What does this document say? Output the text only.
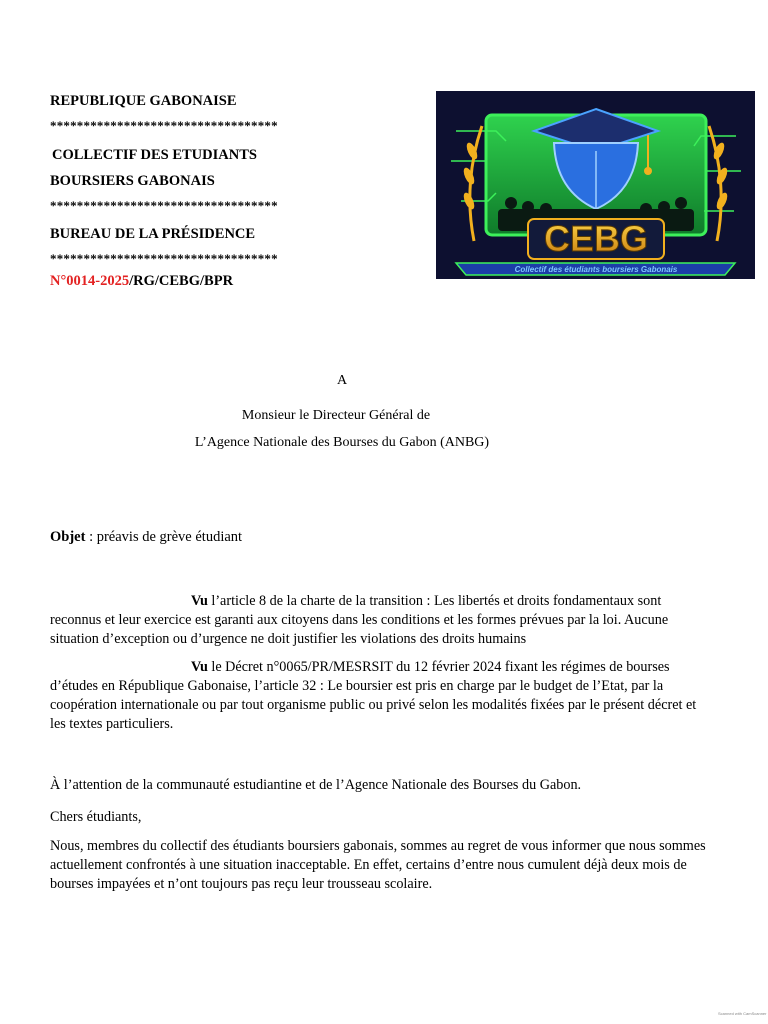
REPUBLIQUE GABONAISE

**********************************

COLLECTIF DES ETUDIANTS

BOURSIERS GABONAIS

**********************************

BUREAU DE LA PRÉSIDENCE

**********************************

N°0014-2025/RG/CEBG/BPR

CEBG
Collectif des étudiants boursiers Gabonais
A
Monsieur le Directeur Général de
L’Agence Nationale des Bourses du Gabon (ANBG)
Objet : préavis de grève étudiant
Vu l’article 8 de la charte de la transition : Les libertés et droits fondamentaux sont reconnus et leur exercice est garanti aux citoyens dans les conditions et les formes prévues par la loi. Aucune situation d’exception ou d’urgence ne doit justifier les violations des droits humains
Vu le Décret n°0065/PR/MESRSIT du 12 février 2024 fixant les régimes de bourses d’études en République Gabonaise, l’article 32 : Le boursier est pris en charge par le budget de l’Etat, par la coopération internationale ou par tout organisme public ou privé selon les modalités fixées par le présent décret et les textes particuliers.
À l’attention de la communauté estudiantine et de l’Agence Nationale des Bourses du Gabon.
Chers étudiants,
Nous, membres du collectif des étudiants boursiers gabonais, sommes au regret de vous informer que nous sommes actuellement confrontés à une situation inacceptable. En effet, certains d’entre nous cumulent déjà deux mois de bourses impayées et n’ont toujours pas reçu leur trousseau scolaire.
Scanned with CamScanner
